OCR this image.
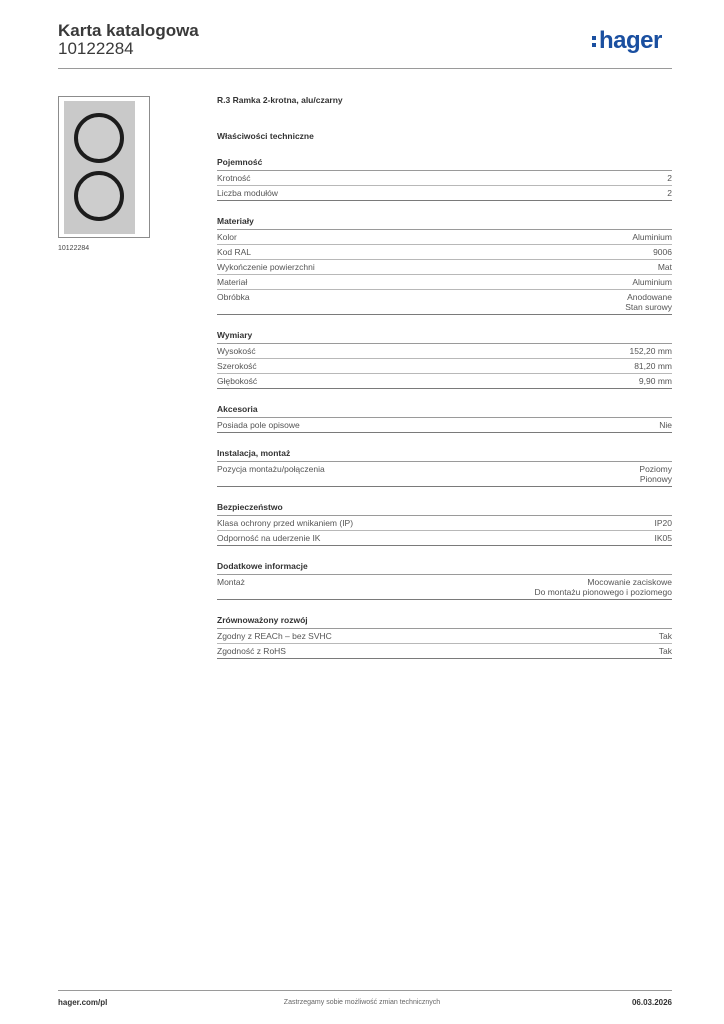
Karta katalogowa
10122284	hager
10122284
R.3 Ramka 2-krotna, alu/czarny
Właściwości techniczne
Pojemność
Krotność	2
Liczba modułów	2
Materiały
Kolor	Aluminium
Kod RAL	9006
Wykończenie powierzchni	Mat
Materiał	Aluminium
Obróbka	Anodowane
Stan surowy
Wymiary
Wysokość	152,20 mm
Szerokość	81,20 mm
Głębokość	9,90 mm
Akcesoria
Posiada pole opisowe	Nie
Instalacja, montaż
Pozycja montażu/połączenia	Poziomy
Pionowy
Bezpieczeństwo
Klasa ochrony przed wnikaniem (IP)	IP20
Odporność na uderzenie IK	IK05
Dodatkowe informacje
Montaż	Mocowanie zaciskowe
Do montażu pionowego i poziomego
Zrównoważony rozwój
Zgodny z REACh – bez SVHC	Tak
Zgodność z RoHS	Tak
hager.com/pl	Zastrzegamy sobie możliwość zmian technicznych	06.03.2026
